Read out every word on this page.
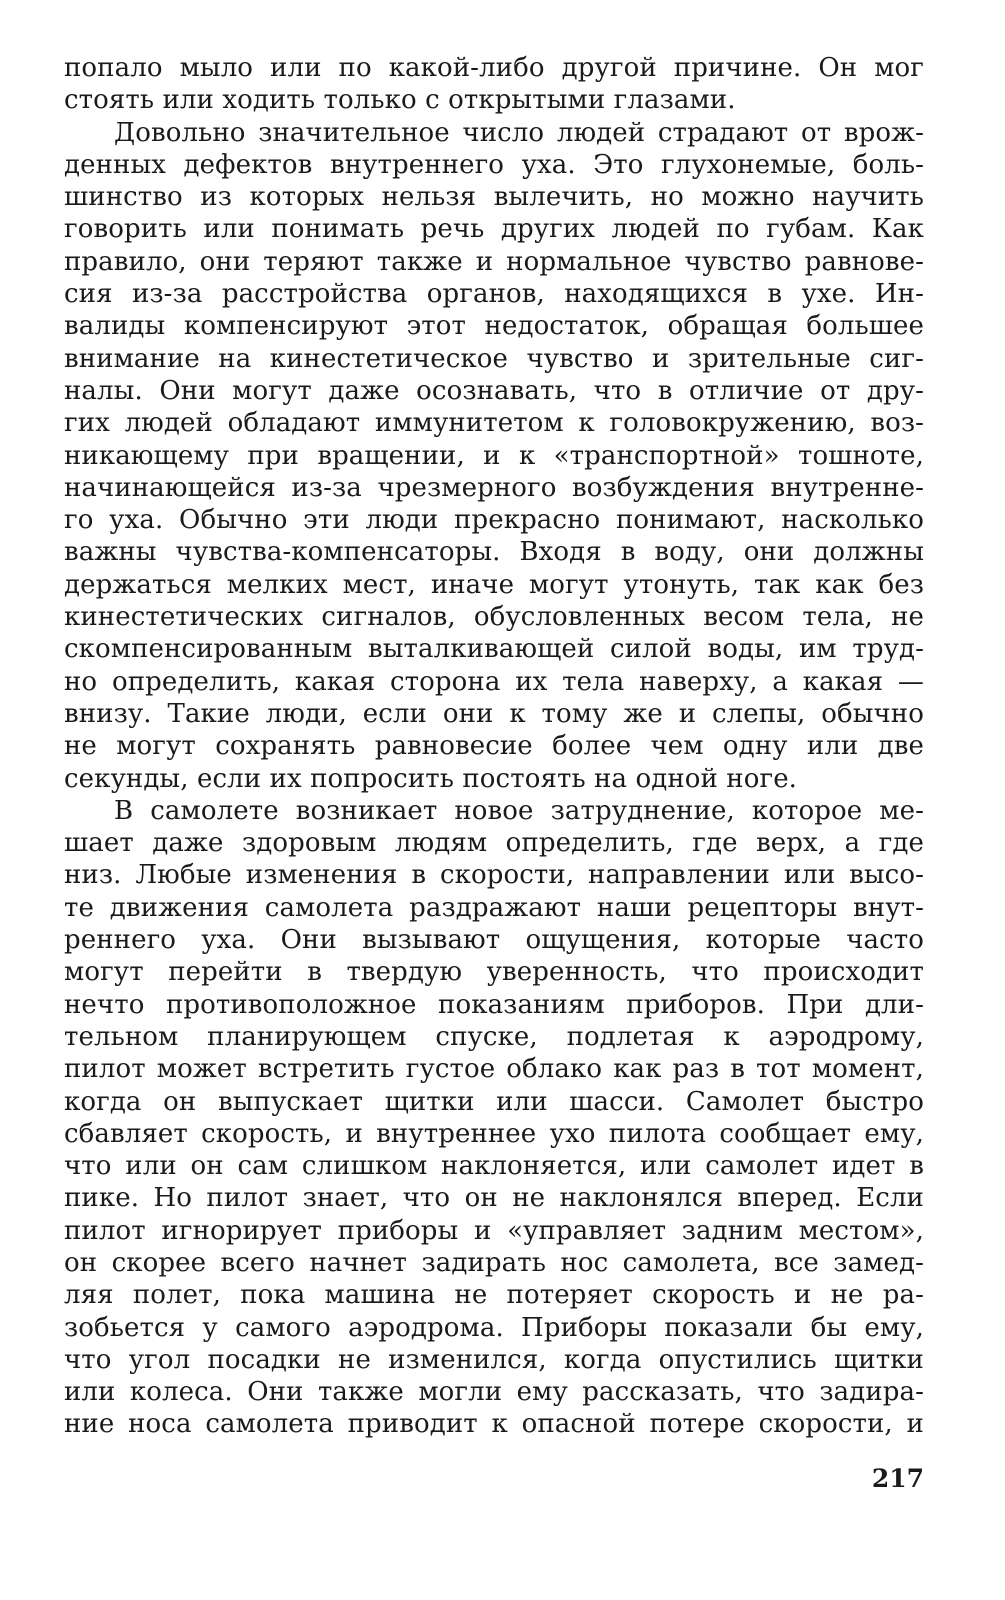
попало мыло или по какой-либо другой причине. Он мог
стоять или ходить только с открытыми глазами.
Довольно значительное число людей страдают от врож-
денных дефектов внутреннего уха. Это глухонемые, боль-
шинство из которых нельзя вылечить, но можно научить
говорить или понимать речь других людей по губам. Как
правило, они теряют также и нормальное чувство равнове-
сия из-за расстройства органов, находящихся в ухе. Ин-
валиды компенсируют этот недостаток, обращая большее
внимание на кинестетическое чувство и зрительные сиг-
налы. Они могут даже осознавать, что в отличие от дру-
гих людей обладают иммунитетом к головокружению, воз-
никающему при вращении, и к «транспортной» тошноте,
начинающейся из-за чрезмерного возбуждения внутренне-
го уха. Обычно эти люди прекрасно понимают, насколько
важны чувства-компенсаторы. Входя в воду, они должны
держаться мелких мест, иначе могут утонуть, так как без
кинестетических сигналов, обусловленных весом тела, не
скомпенсированным выталкивающей силой воды, им труд-
но определить, какая сторона их тела наверху, а какая —
внизу. Такие люди, если они к тому же и слепы, обычно
не могут сохранять равновесие более чем одну или две
секунды, если их попросить постоять на одной ноге.
В самолете возникает новое затруднение, которое ме-
шает даже здоровым людям определить, где верх, а где
низ. Любые изменения в скорости, направлении или высо-
те движения самолета раздражают наши рецепторы внут-
реннего уха. Они вызывают ощущения, которые часто
могут перейти в твердую уверенность, что происходит
нечто противоположное показаниям приборов. При дли-
тельном планирующем спуске, подлетая к аэродрому,
пилот может встретить густое облако как раз в тот момент,
когда он выпускает щитки или шасси. Самолет быстро
сбавляет скорость, и внутреннее ухо пилота сообщает ему,
что или он сам слишком наклоняется, или самолет идет в
пике. Но пилот знает, что он не наклонялся вперед. Если
пилот игнорирует приборы и «управляет задним местом»,
он скорее всего начнет задирать нос самолета, все замед-
ляя полет, пока машина не потеряет скорость и не ра-
зобьется у самого аэродрома. Приборы показали бы ему,
что угол посадки не изменился, когда опустились щитки
или колеса. Они также могли ему рассказать, что задира-
ние носа самолета приводит к опасной потере скорости, и
217
